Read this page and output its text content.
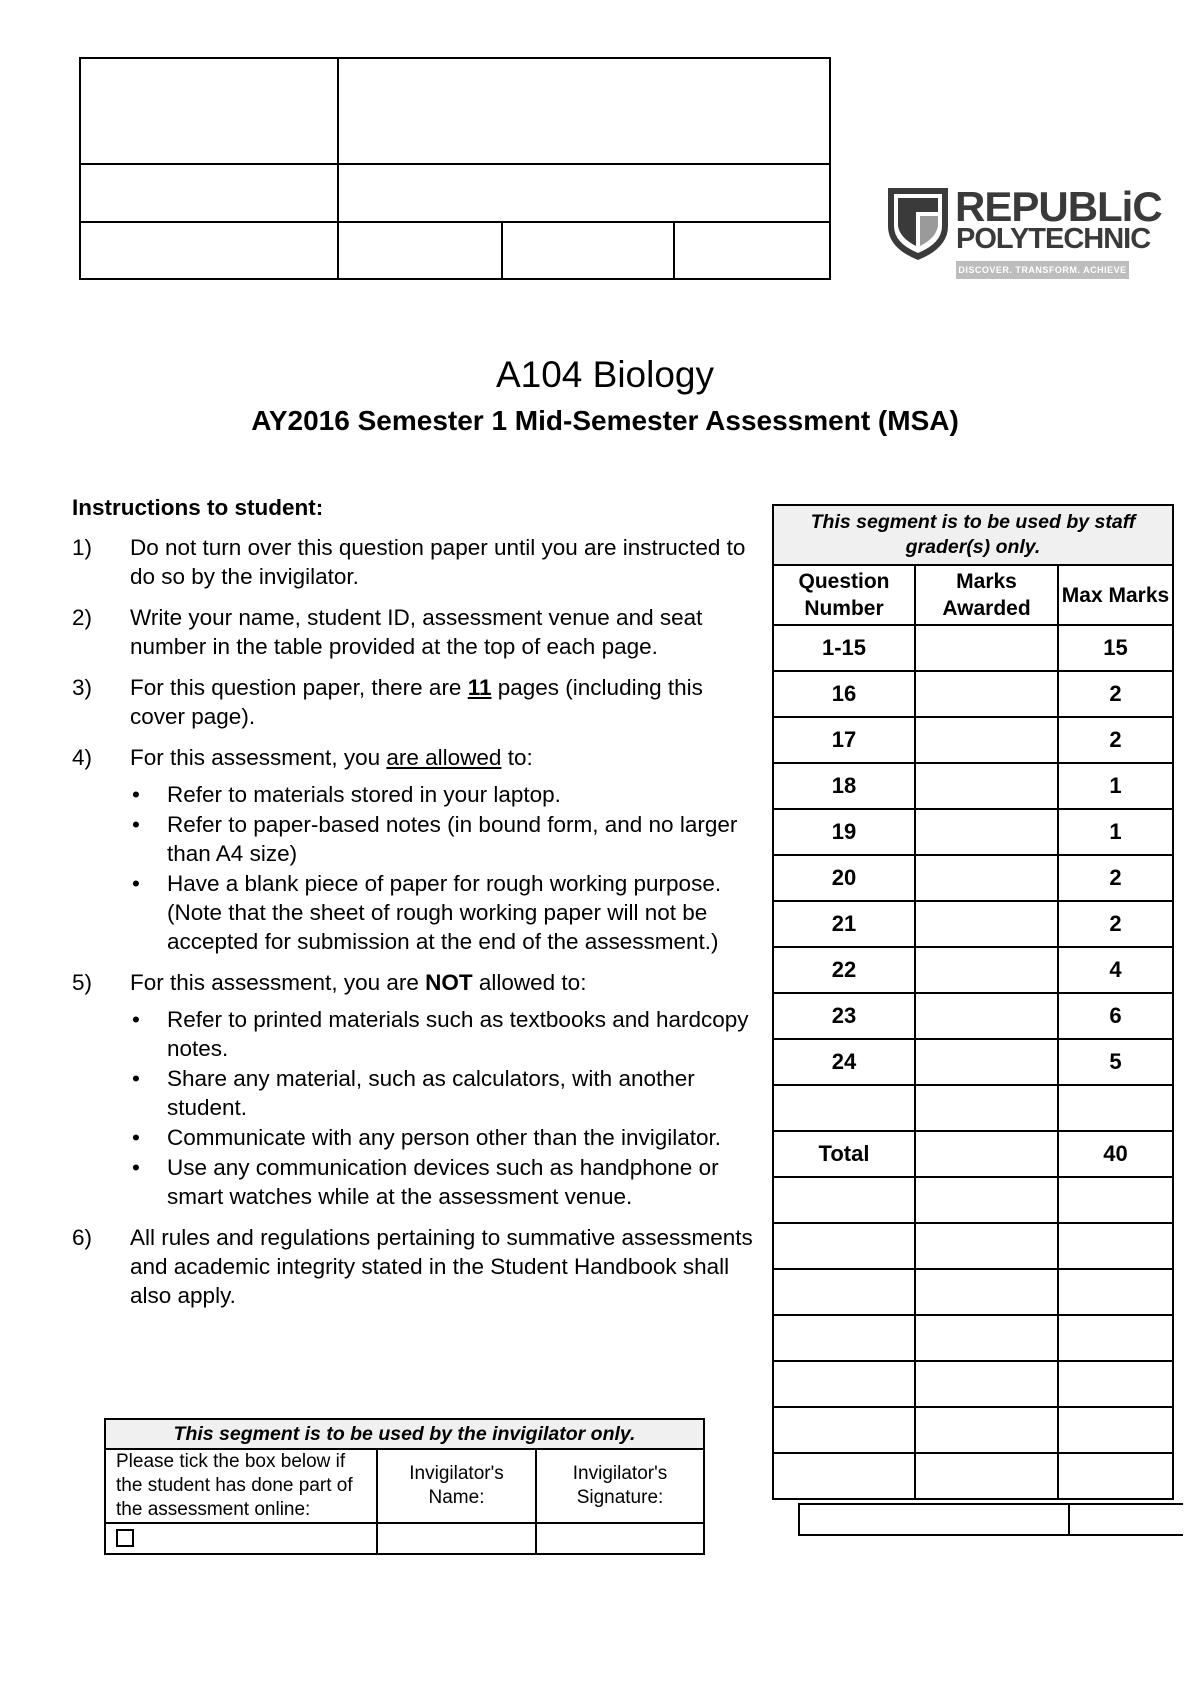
REPUBLiC
POLYTECHNIC
DISCOVER. TRANSFORM. ACHIEVE
A104 Biology
AY2016 Semester 1 Mid-Semester Assessment (MSA)
Instructions to student:
1) Do not turn over this question paper until you are instructed to do so by the invigilator.
2) Write your name, student ID, assessment venue and seat number in the table provided at the top of each page.
3) For this question paper, there are 11 pages (including this cover page).
4) For this assessment, you are allowed to:
• Refer to materials stored in your laptop.
• Refer to paper-based notes (in bound form, and no larger than A4 size)
• Have a blank piece of paper for rough working purpose. (Note that the sheet of rough working paper will not be accepted for submission at the end of the assessment.)
5) For this assessment, you are NOT allowed to:
• Refer to printed materials such as textbooks and hardcopy notes.
• Share any material, such as calculators, with another student.
• Communicate with any person other than the invigilator.
• Use any communication devices such as handphone or smart watches while at the assessment venue.
6) All rules and regulations pertaining to summative assessments and academic integrity stated in the Student Handbook shall also apply.
This segment is to be used by the invigilator only.		
Please tick the box below if the student has done part of the assessment online:	Invigilator's Name:	Invigilator's Signature:

This segment is to be used by staff grader(s) only.		
Question Number	Marks Awarded	Max Marks
1-15		15
16		2
17		2
18		1
19		1
20		2
21		2
22		4
23		6
24		5

Total		40
